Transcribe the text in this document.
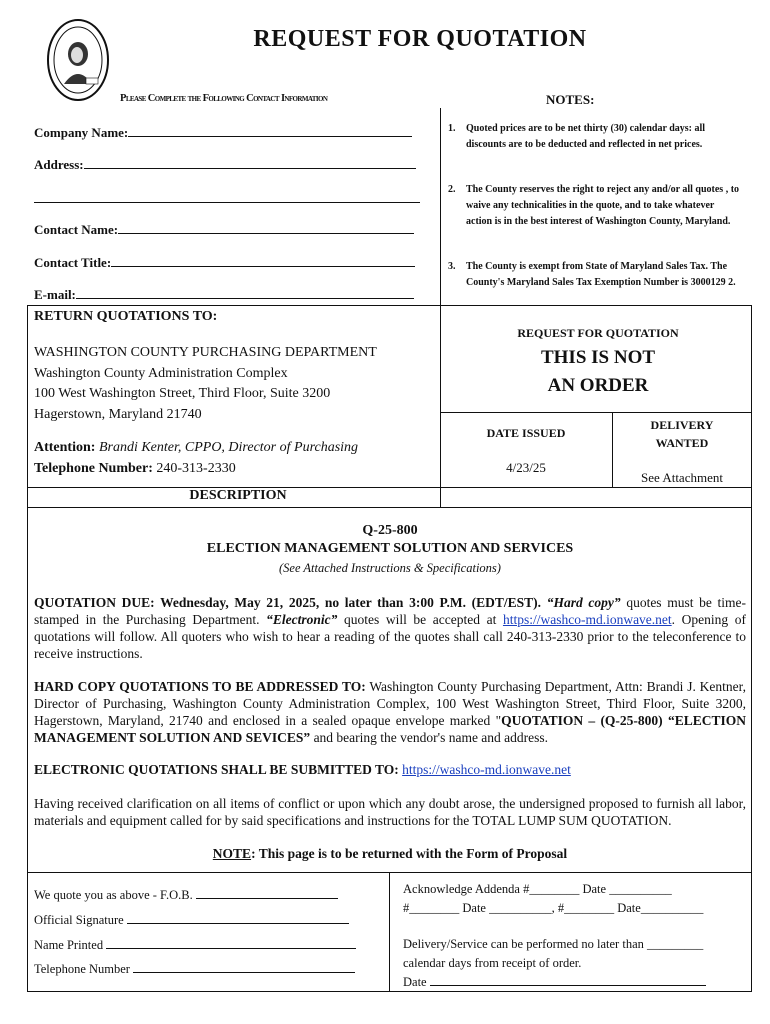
REQUEST FOR QUOTATION
Please Complete the Following Contact Information	NOTES:
Company Name:
Address:
Contact Name:
Contact Title:
E-mail:
1. Quoted prices are to be net thirty (30) calendar days: all discounts are to be deducted and reflected in net prices.
2. The County reserves the right to reject any and/or all quotes , to waive any technicalities in the quote, and to take whatever action is in the best interest of Washington County, Maryland.
3. The County is exempt from State of Maryland Sales Tax. The County's Maryland Sales Tax Exemption Number is 3000129 2.
RETURN QUOTATIONS TO:
WASHINGTON COUNTY PURCHASING DEPARTMENT
Washington County Administration Complex
100 West Washington Street, Third Floor, Suite 3200
Hagerstown, Maryland 21740
Attention: Brandi Kenter, CPPO, Director of Purchasing
Telephone Number: 240-313-2330
REQUEST FOR QUOTATION
THIS IS NOT
AN ORDER
DATE ISSUED
4/23/25
DELIVERY
WANTED
See Attachment
DESCRIPTION
Q-25-800
ELECTION MANAGEMENT SOLUTION AND SERVICES
(See Attached Instructions & Specifications)
QUOTATION DUE: Wednesday, May 21, 2025, no later than 3:00 P.M. (EDT/EST). “Hard copy” quotes must be time-stamped in the Purchasing Department. “Electronic” quotes will be accepted at https://washco-md.ionwave.net. Opening of quotations will follow. All quoters who wish to hear a reading of the quotes shall call 240-313-2330 prior to the teleconference to receive instructions.
HARD COPY QUOTATIONS TO BE ADDRESSED TO: Washington County Purchasing Department, Attn: Brandi J. Kentner, Director of Purchasing, Washington County Administration Complex, 100 West Washington Street, Third Floor, Suite 3200, Hagerstown, Maryland, 21740 and enclosed in a sealed opaque envelope marked "QUOTATION – (Q-25-800) “ELECTION MANAGEMENT SOLUTION AND SEVICES” and bearing the vendor's name and address.
ELECTRONIC QUOTATIONS SHALL BE SUBMITTED TO: https://washco-md.ionwave.net
Having received clarification on all items of conflict or upon which any doubt arose, the undersigned proposed to furnish all labor, materials and equipment called for by said specifications and instructions for the TOTAL LUMP SUM QUOTATION.
NOTE: This page is to be returned with the Form of Proposal
We quote you as above - F.O.B.
Official Signature
Name Printed
Telephone Number
Acknowledge Addenda #________ Date __________
#________ Date __________, #________ Date__________
Delivery/Service can be performed no later than _________
calendar days from receipt of order.
Date
